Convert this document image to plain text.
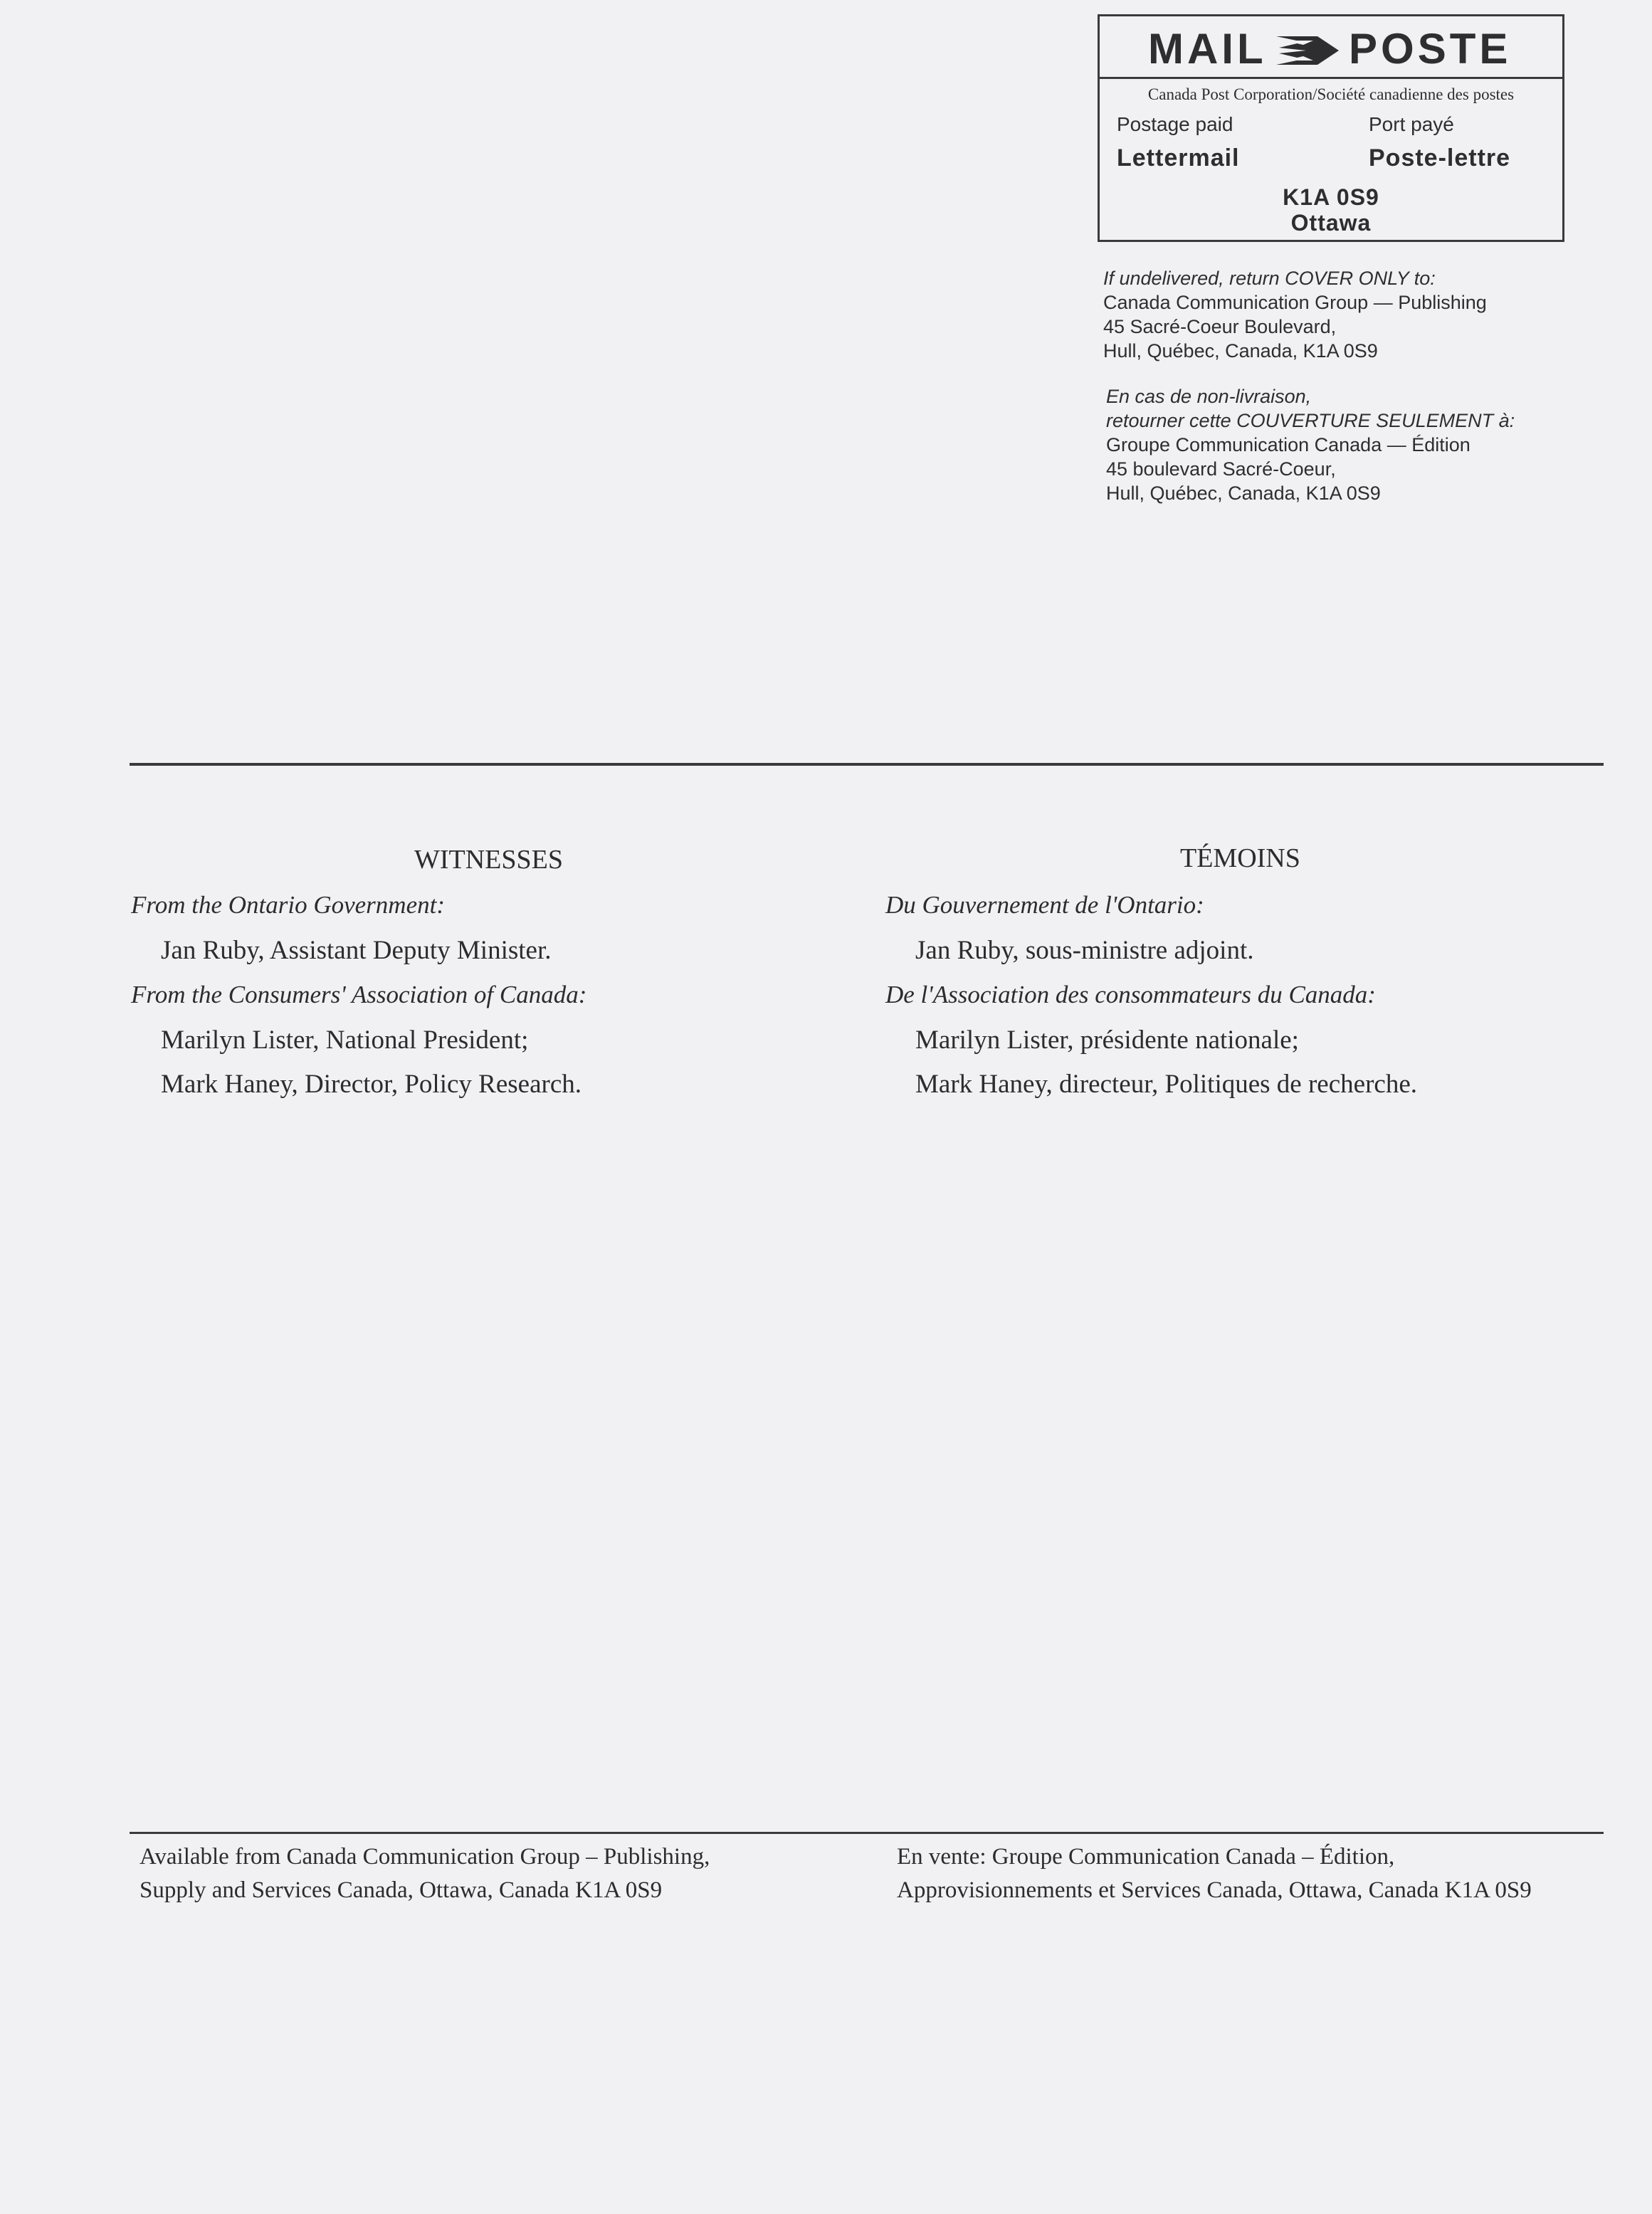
MAIL POSTE
Canada Post Corporation/Société canadienne des postes
Postage paid	Port payé
Lettermail	Poste-lettre
K1A 0S9
Ottawa
If undelivered, return COVER ONLY to:
Canada Communication Group — Publishing
45 Sacré-Coeur Boulevard,
Hull, Québec, Canada, K1A 0S9
En cas de non-livraison,
retourner cette COUVERTURE SEULEMENT à:
Groupe Communication Canada — Édition
45 boulevard Sacré-Coeur,
Hull, Québec, Canada, K1A 0S9
WITNESSES
From the Ontario Government:
Jan Ruby, Assistant Deputy Minister.
From the Consumers' Association of Canada:
Marilyn Lister, National President;
Mark Haney, Director, Policy Research.
TÉMOINS
Du Gouvernement de l'Ontario:
Jan Ruby, sous-ministre adjoint.
De l'Association des consommateurs du Canada:
Marilyn Lister, présidente nationale;
Mark Haney, directeur, Politiques de recherche.
Available from Canada Communication Group – Publishing,
Supply and Services Canada, Ottawa, Canada K1A 0S9
En vente: Groupe Communication Canada – Édition,
Approvisionnements et Services Canada, Ottawa, Canada K1A 0S9
